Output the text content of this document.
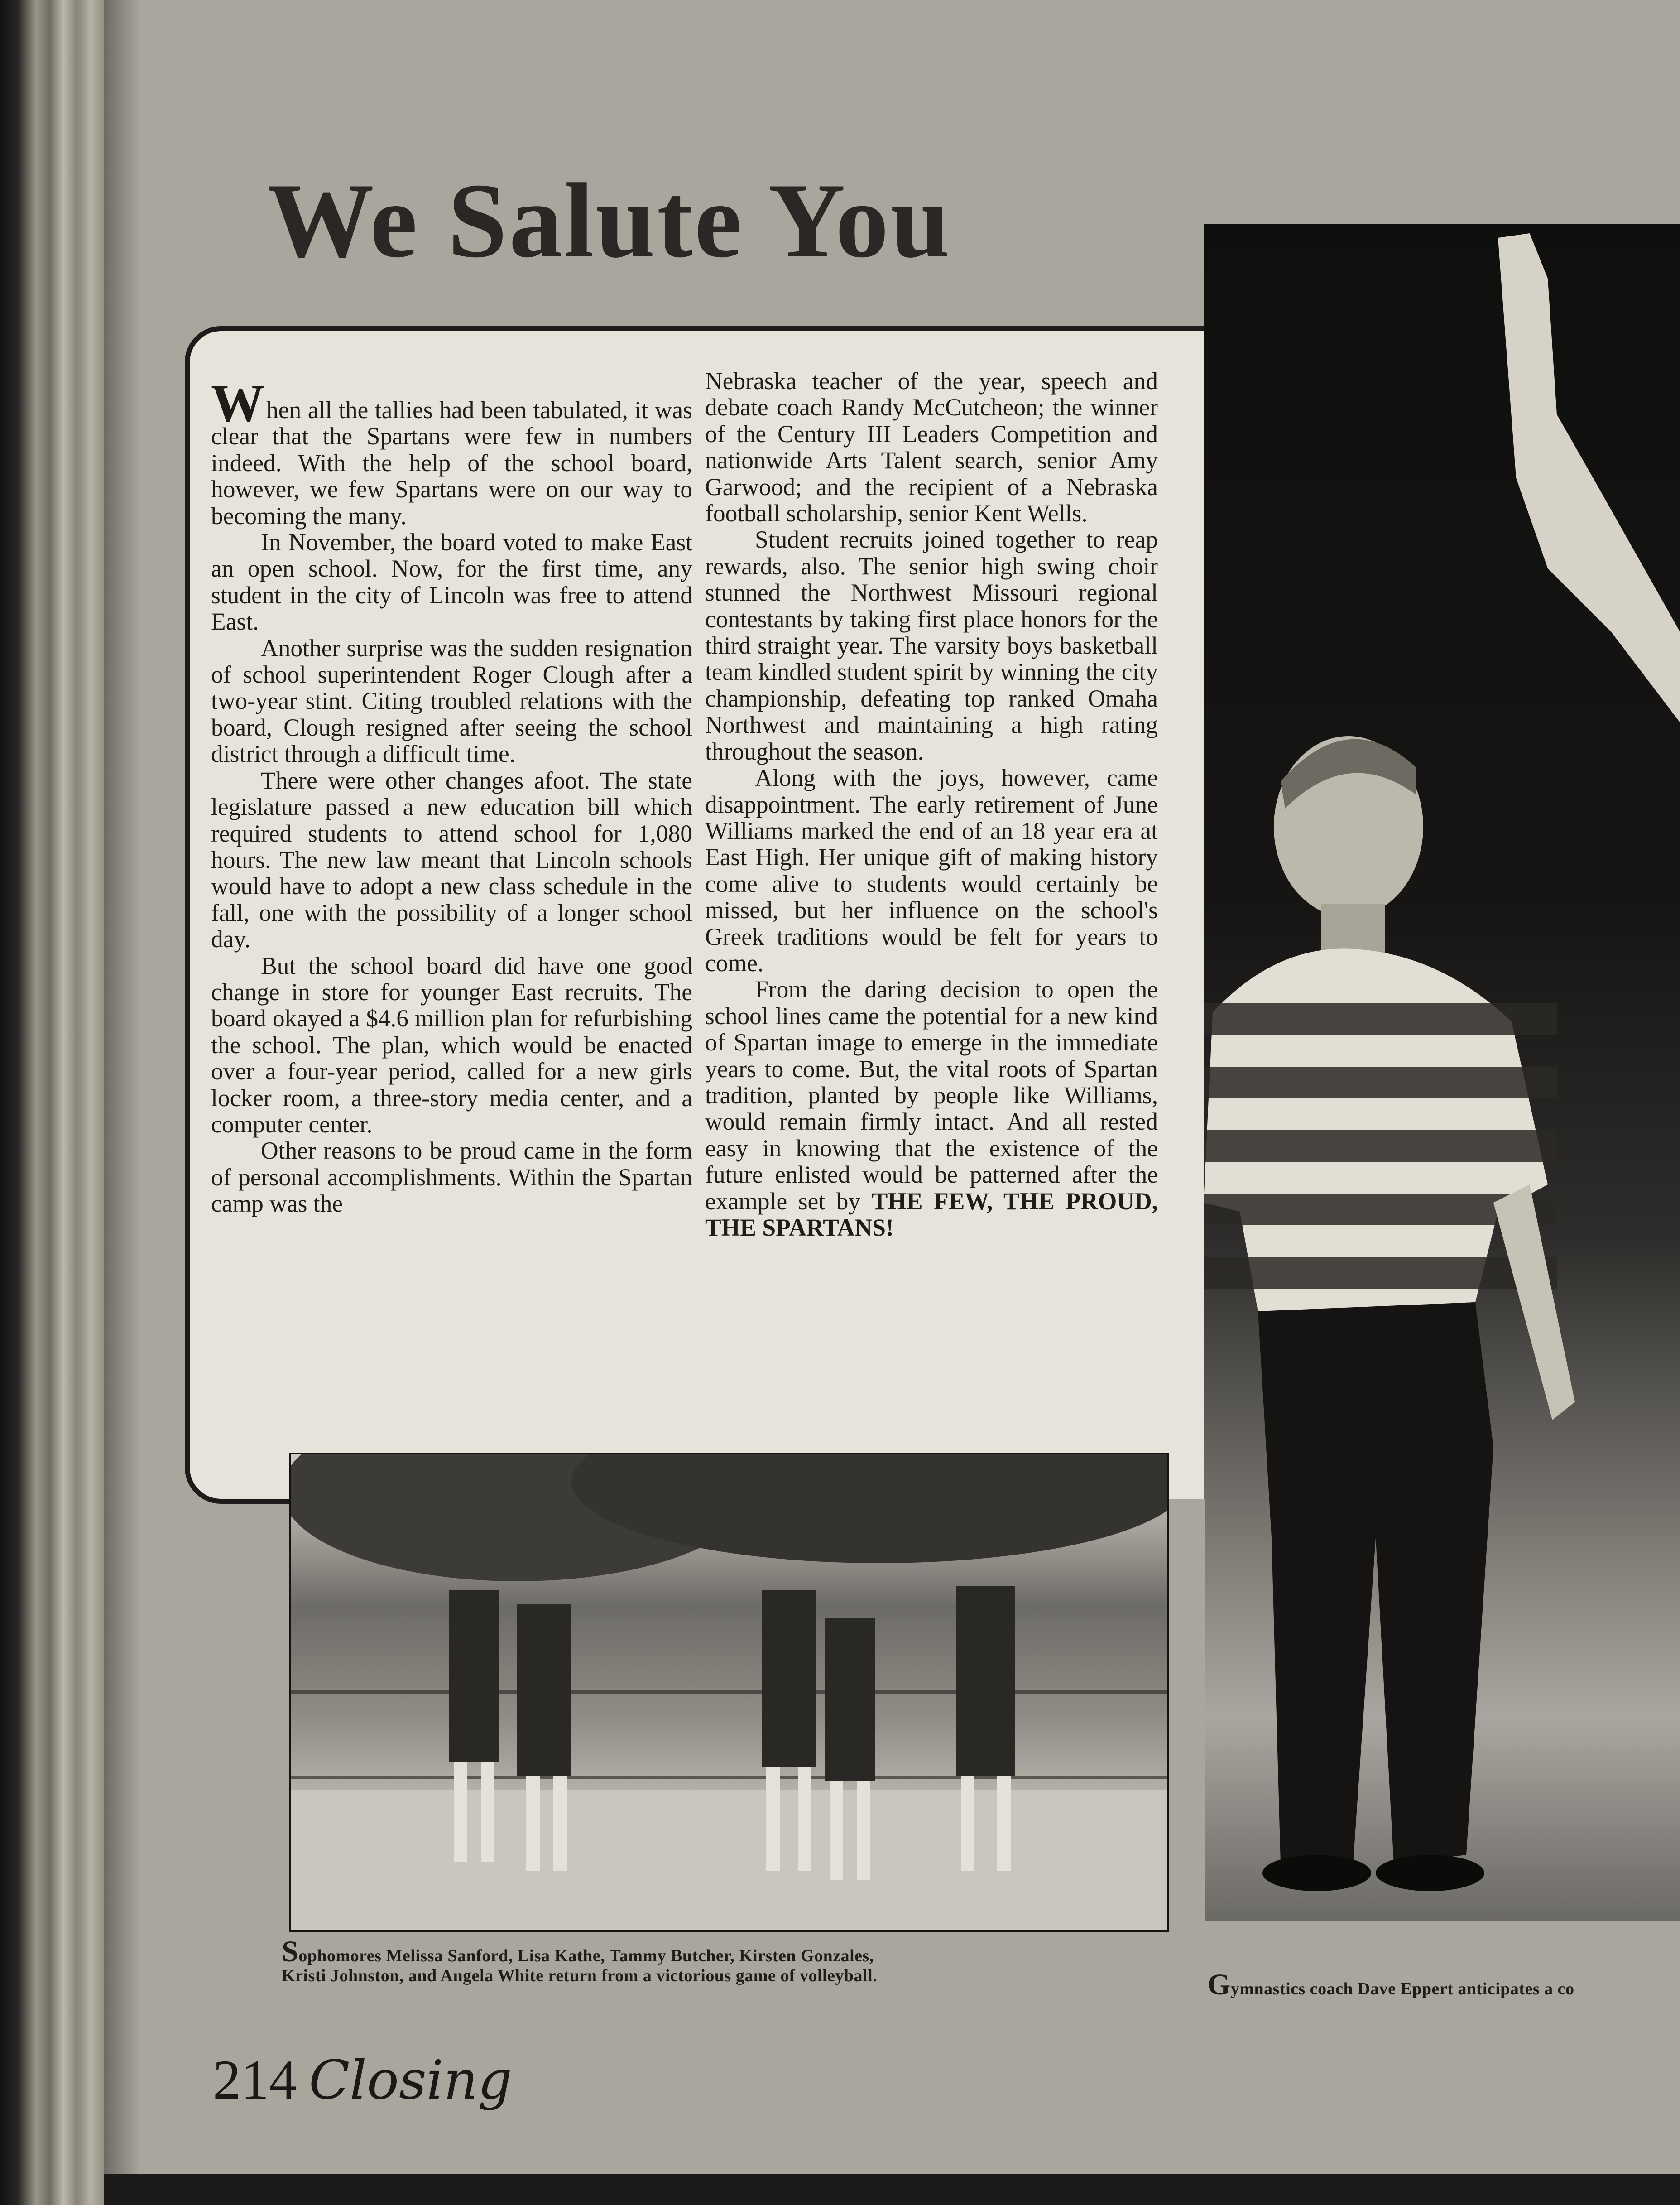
We Salute You

When all the tallies had been tabulated, it was clear that the Spartans were few in numbers indeed. With the help of the school board, however, we few Spartans were on our way to becoming the many.

In November, the board voted to make East an open school. Now, for the first time, any student in the city of Lincoln was free to attend East.

Another surprise was the sudden resignation of school superintendent Roger Clough after a two-year stint. Citing troubled relations with the board, Clough resigned after seeing the school district through a difficult time.

There were other changes afoot. The state legislature passed a new education bill which required students to attend school for 1,080 hours. The new law meant that Lincoln schools would have to adopt a new class schedule in the fall, one with the possibility of a longer school day.

But the school board did have one good change in store for younger East recruits. The board okayed a $4.6 million plan for refurbishing the school. The plan, which would be enacted over a four-year period, called for a new girls locker room, a three-story media center, and a computer center.

Other reasons to be proud came in the form of personal accomplishments. Within the Spartan camp was the

Nebraska teacher of the year, speech and debate coach Randy McCutcheon; the winner of the Century III Leaders Competition and nationwide Arts Talent search, senior Amy Garwood; and the recipient of a Nebraska football scholarship, senior Kent Wells.

Student recruits joined together to reap rewards, also. The senior high swing choir stunned the Northwest Missouri regional contestants by taking first place honors for the third straight year. The varsity boys basketball team kindled student spirit by winning the city championship, defeating top ranked Omaha Northwest and maintaining a high rating throughout the season.

Along with the joys, however, came disappointment. The early retirement of June Williams marked the end of an 18 year era at East High. Her unique gift of making history come alive to students would certainly be missed, but her influence on the school's Greek traditions would be felt for years to come.

From the daring decision to open the school lines came the potential for a new kind of Spartan image to emerge in the immediate years to come. But, the vital roots of Spartan tradition, planted by people like Williams, would remain firmly intact. And all rested easy in knowing that the existence of the future enlisted would be patterned after the example set by THE FEW, THE PROUD, THE SPARTANS!

Sophomores Melissa Sanford, Lisa Kathe, Tammy Butcher, Kirsten Gonzales,
Kristi Johnston, and Angela White return from a victorious game of volleyball.	Gymnastics coach Dave Eppert anticipates a co

214 Closing
